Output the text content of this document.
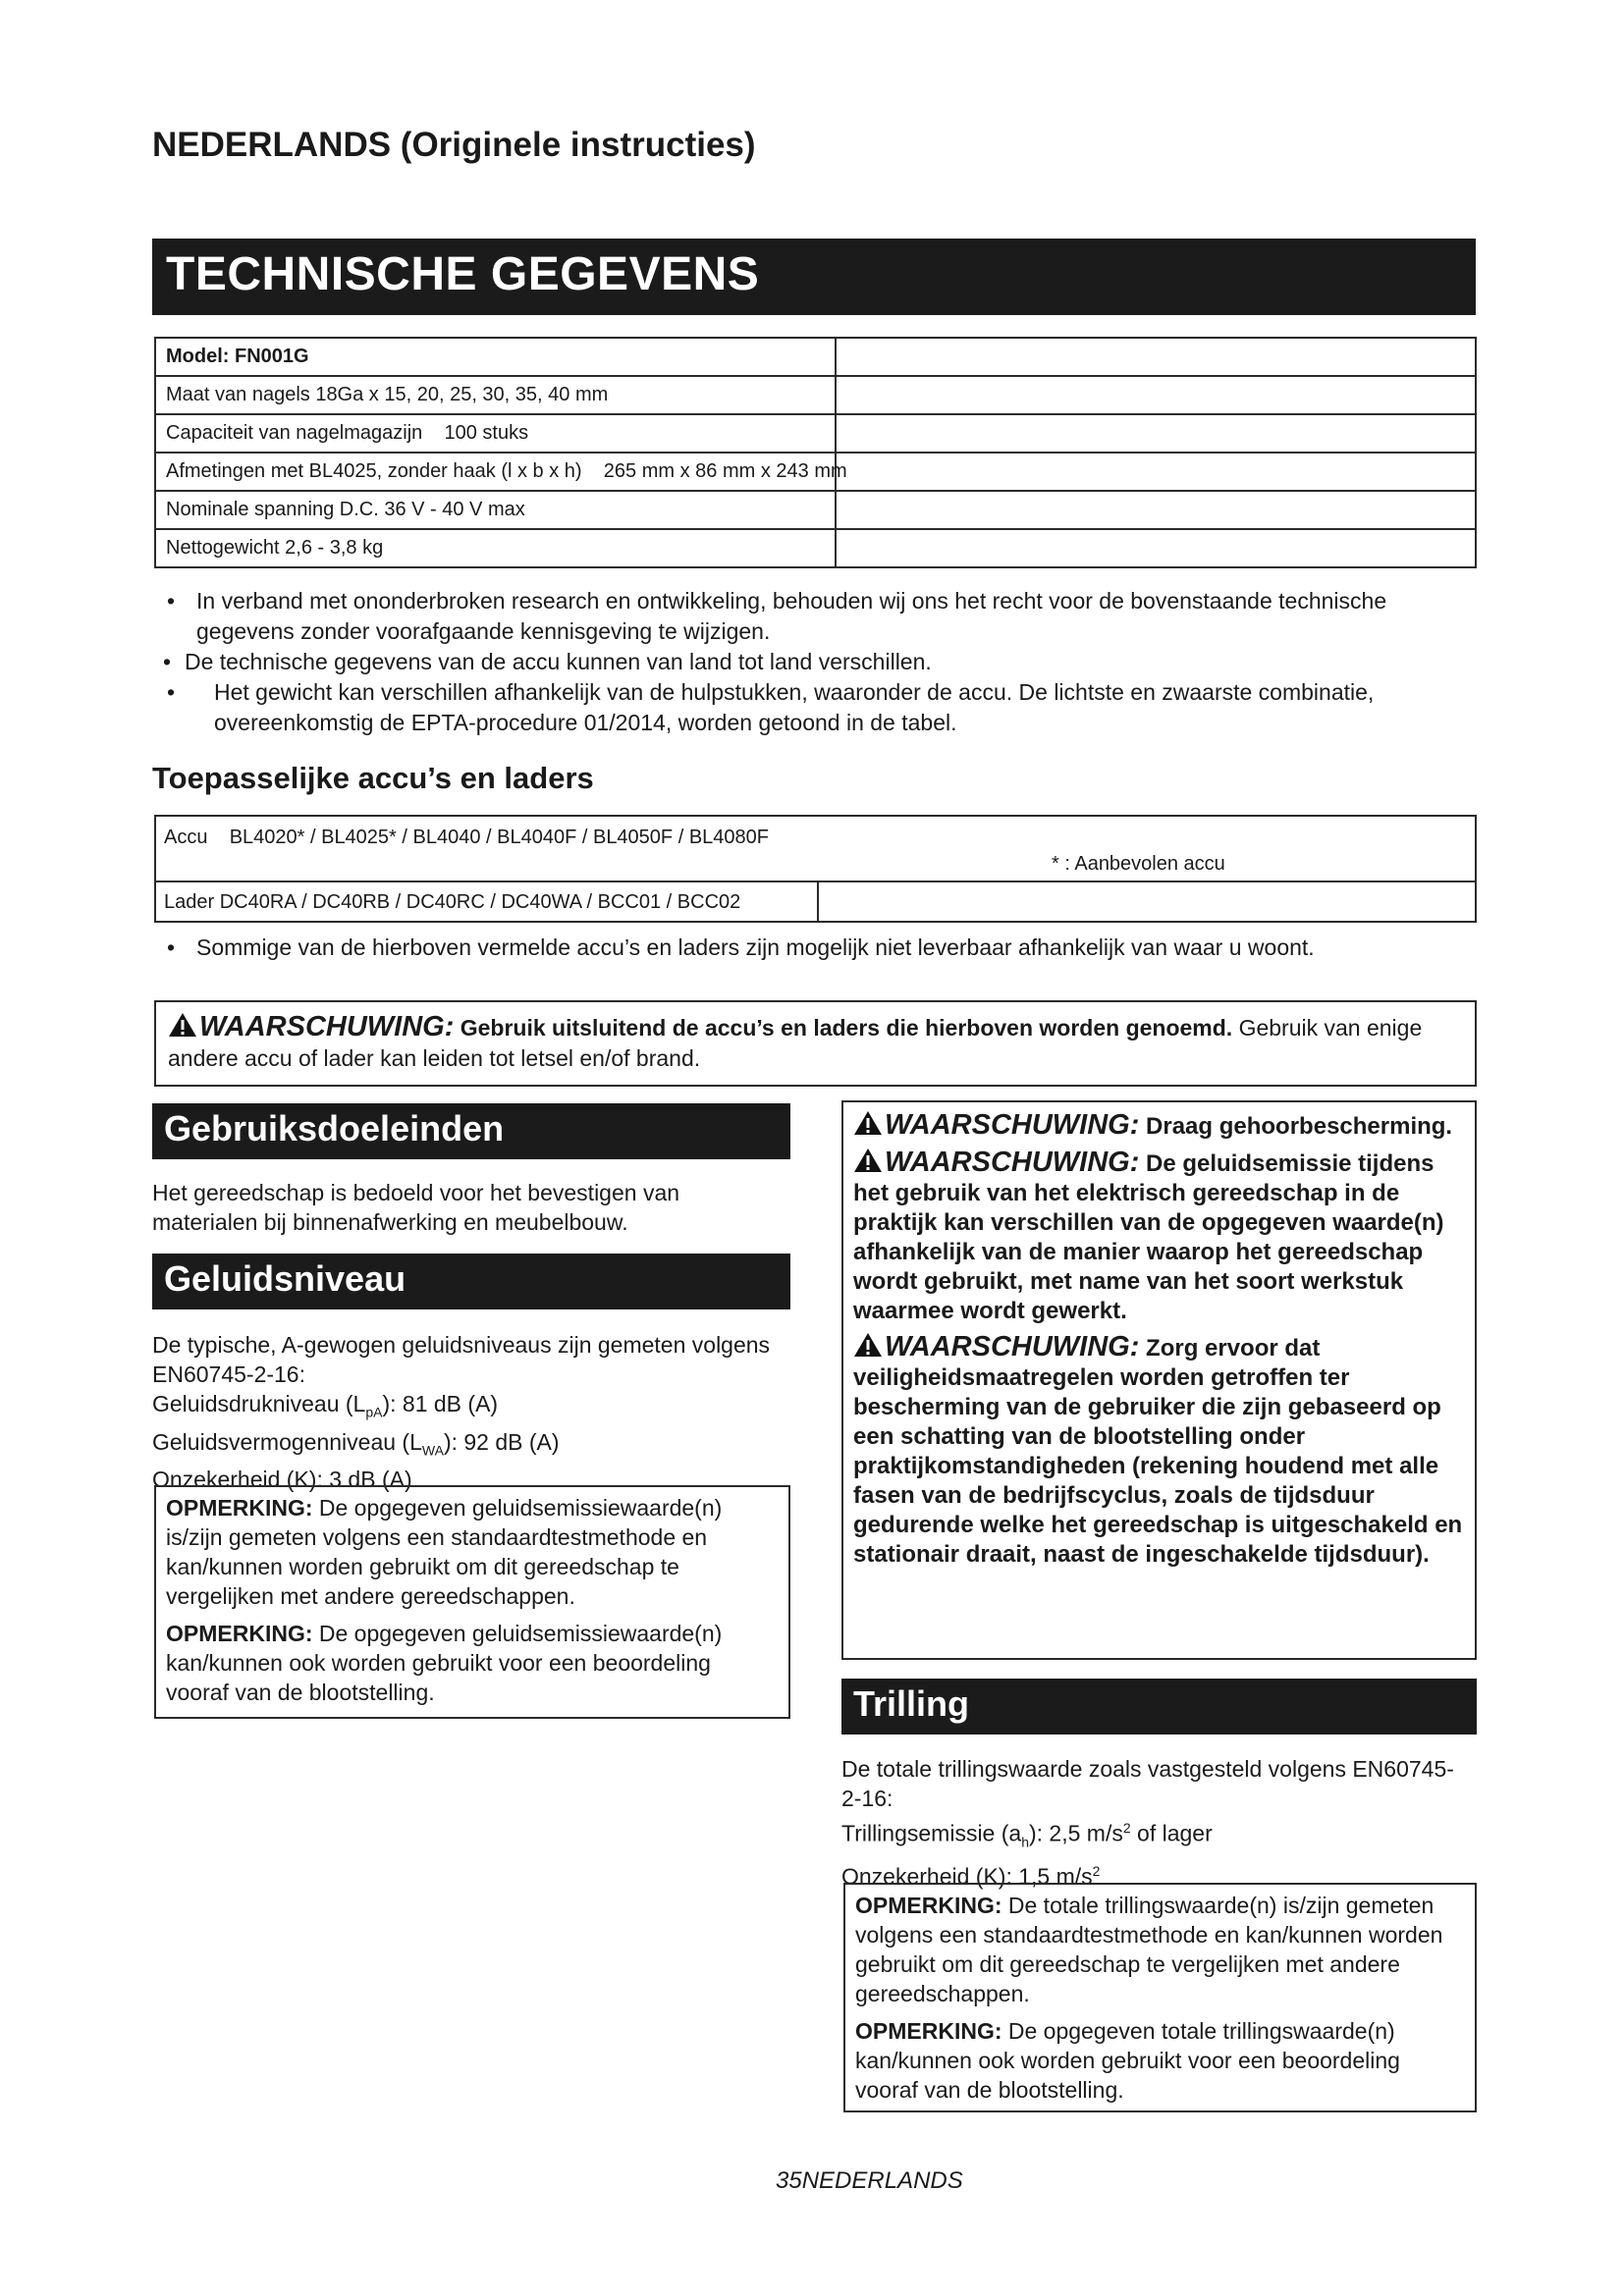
NEDERLANDS (Originele instructies)
TECHNISCHE GEGEVENS
Model: FN001G	
Maat van nagels 18Ga x 15, 20, 25, 30, 35, 40 mm	
Capaciteit van nagelmagazijn    100 stuks	

Afmetingen met BL4025, zonder haak (l x b x h)    265 mm x 86 mm x 243 mm	

Nominale spanning D.C. 36 V - 40 V max	
Nettogewicht 2,6 - 3,8 kg	
• In verband met ononderbroken research en ontwikkeling, behouden wij ons het recht voor de bovenstaande technische gegevens zonder voorafgaande kennisgeving te wijzigen.
• De technische gegevens van de accu kunnen van land tot land verschillen.
• Het gewicht kan verschillen afhankelijk van de hulpstukken, waaronder de accu. De lichtste en zwaarste combinatie, overeenkomstig de EPTA-procedure 01/2014, worden getoond in de tabel.
Toepasselijke accu’s en laders
Accu    BL4020* / BL4025* / BL4040 / BL4040F / BL4050F / BL4080F
* : Aanbevolen accu
Lader DC40RA / DC40RB / DC40RC / DC40WA / BCC01 / BCC02
• Sommige van de hierboven vermelde accu’s en laders zijn mogelijk niet leverbaar afhankelijk van waar u woont.
WAARSCHUWING: Gebruik uitsluitend de accu’s en laders die hierboven worden genoemd. Gebruik van enige andere accu of lader kan leiden tot letsel en/of brand.
Gebruiksdoeleinden
Het gereedschap is bedoeld voor het bevestigen van materialen bij binnenafwerking en meubelbouw.
Geluidsniveau
De typische, A-gewogen geluidsniveaus zijn gemeten volgens EN60745-2-16:
Geluidsdrukniveau $(L_{pA})$: 81 dB (A)
Geluidsvermogenniveau $(L_{WA})$: 92 dB (A)
Onzekerheid (K): 3 dB (A)

OPMERKING: De opgegeven geluidsemissiewaarde(n) is/zijn gemeten volgens een standaardtestmethode en kan/kunnen worden gebruikt om dit gereedschap te vergelijken met andere gereedschappen.

OPMERKING: De opgegeven geluidsemissiewaarde(n) kan/kunnen ook worden gebruikt voor een beoordeling vooraf van de blootstelling.

WAARSCHUWING: Draag gehoorbescherming.
WAARSCHUWING: De geluidsemissie tijdens het gebruik van het elektrisch gereedschap in de praktijk kan verschillen van de opgegeven waarde(n) afhankelijk van de manier waarop het gereedschap wordt gebruikt, met name van het soort werkstuk waarmee wordt gewerkt.
WAARSCHUWING: Zorg ervoor dat veiligheidsmaatregelen worden getroffen ter bescherming van de gebruiker die zijn gebaseerd op een schatting van de blootstelling onder praktijkomstandigheden (rekening houdend met alle fasen van de bedrijfscyclus, zoals de tijdsduur gedurende welke het gereedschap is uitgeschakeld en stationair draait, naast de ingeschakelde tijdsduur).
Trilling
De totale trillingswaarde zoals vastgesteld volgens EN60745-2-16:
Trillingsemissie $(a_h)$: 2,5 $m/s^2$ of lager
Onzekerheid (K): 1,5 $m/s^2$

OPMERKING: De totale trillingswaarde(n) is/zijn gemeten volgens een standaardtestmethode en kan/kunnen worden gebruikt om dit gereedschap te vergelijken met andere gereedschappen.

OPMERKING: De opgegeven totale trillingswaarde(n) kan/kunnen ook worden gebruikt voor een beoordeling vooraf van de blootstelling.

35NEDERLANDS
